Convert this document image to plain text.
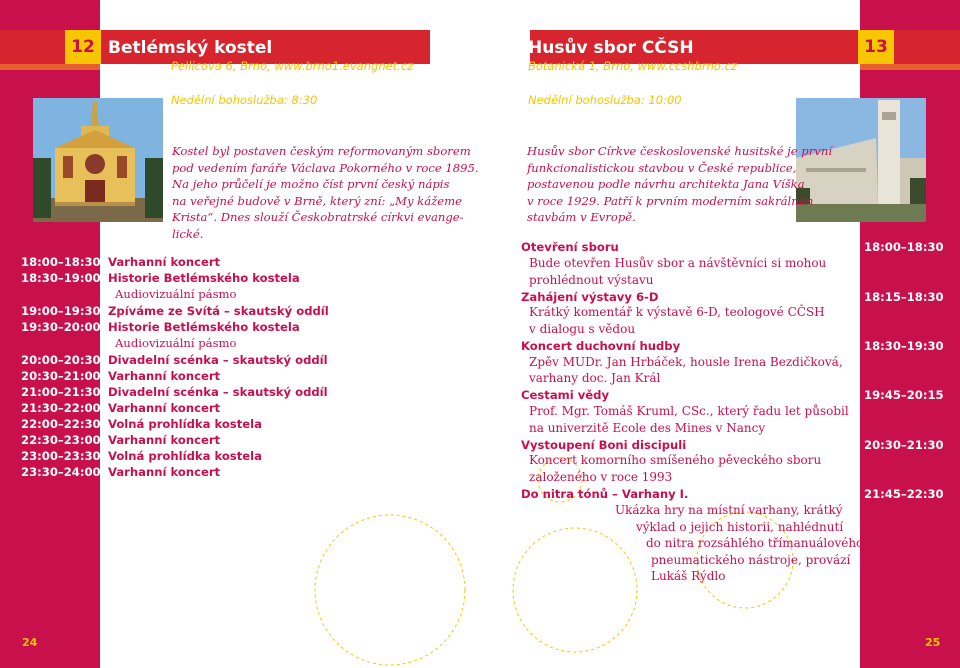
12	13
Betlémský kostel
Pellicova 6, Brno, www.brno1.evangnet.cz
Tram 4, 5, 6, 12, 13 (Šilingrovo nám.)
Nedělní bohoslužba: 8:30
Husův sbor CČSH
Botanická 1, Brno, www.ccshbrno.cz
Tram 1, 6 (Antonínská) Trol 29, 32, 34, 36 (Smetanova)
Nedělní bohoslužba: 10:00
Kostel byl postaven českým reformovaným sborem
pod vedením faráře Václava Pokorného v roce 1895.
Na jeho průčelí je možno číst první český nápis
na veřejné budově v Brně, který zní: „My kážeme
Krista“. Dnes slouží Českobratrské církvi evange-
lické.
Husův sbor Církve československé husitské je první
funkcionalistickou stavbou v České republice,
postavenou podle návrhu architekta Jana Víška
v roce 1929. Patří k prvním moderním sakrálním
stavbám v Evropě.
18:00–18:30 Varhanní koncert
18:30–19:00 Historie Betlémského kostela
Audiovizuální pásmo
19:00–19:30 Zpíváme ze Svítá – skautský oddíl
19:30–20:00 Historie Betlémského kostela
Audiovizuální pásmo
20:00–20:30 Divadelní scénka – skautský oddíl
20:30–21:00 Varhanní koncert
21:00–21:30 Divadelní scénka – skautský oddíl
21:30–22:00 Varhanní koncert
22:00–22:30 Volná prohlídka kostela
22:30–23:00 Varhanní koncert
23:00–23:30 Volná prohlídka kostela
23:30–24:00 Varhanní koncert
18:00–18:30
Otevření sboru
Bude otevřen Husův sbor a návštěvníci si mohou
prohlédnout výstavu
18:15–18:30
Zahájení výstavy 6-D
Krátký komentář k výstavě 6-D, teologové CČSH
v dialogu s vědou
18:30–19:30
Koncert duchovní hudby
Zpěv MUDr. Jan Hrbáček, housle Irena Bezdičková,
varhany doc. Jan Král
19:45–20:15
Cestami vědy
Prof. Mgr. Tomáš Kruml, CSc., který řadu let působil
na univerzitě Ecole des Mines v Nancy
20:30–21:30
Vystoupení Boni discipuli
Koncert komorního smíšeného pěveckého sboru
založeného v roce 1993
21:45–22:30
Do nitra tónů – Varhany I.
Ukázka hry na místní varhany, krátký
výklad o jejich historii, nahlédnutí
do nitra rozsáhlého třímanuálového
pneumatického nástroje, provází
Lukáš Rýdlo
24	25
